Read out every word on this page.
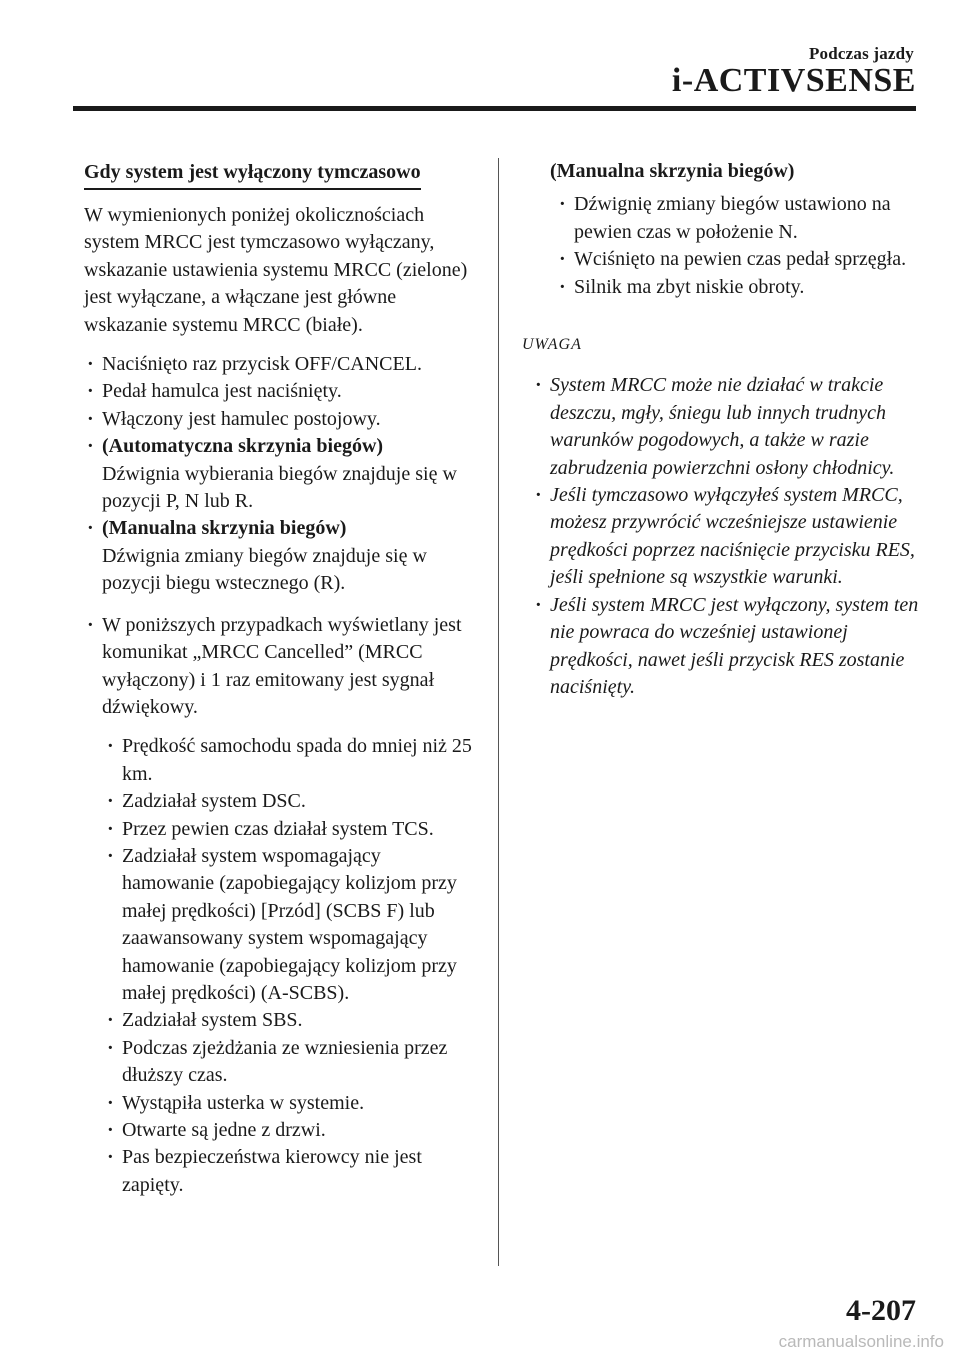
Podczas jazdy
i-ACTIVSENSE
Gdy system jest wyłączony tymczasowo

W wymienionych poniżej okolicznościach system MRCC jest tymczasowo wyłączany, wskazanie ustawienia systemu MRCC (zielone) jest wyłączane, a włączane jest główne wskazanie systemu MRCC (białe).

· Naciśnięto raz przycisk OFF/CANCEL.
· Pedał hamulca jest naciśnięty.
· Włączony jest hamulec postojowy.
· (Automatyczna skrzynia biegów)
Dźwignia wybierania biegów znajduje się w pozycji P, N lub R.
· (Manualna skrzynia biegów)
Dźwignia zmiany biegów znajduje się w pozycji biegu wstecznego (R).
· W poniższych przypadkach wyświetlany jest komunikat „MRCC Cancelled” (MRCC wyłączony) i 1 raz emitowany jest sygnał dźwiękowy.
· Prędkość samochodu spada do mniej niż 25 km.
· Zadziałał system DSC.
· Przez pewien czas działał system TCS.
· Zadziałał system wspomagający hamowanie (zapobiegający kolizjom przy małej prędkości) [Przód] (SCBS F) lub zaawansowany system wspomagający hamowanie (zapobiegający kolizjom przy małej prędkości) (A-SCBS).
· Zadziałał system SBS.
· Podczas zjeżdżania ze wzniesienia przez dłuższy czas.
· Wystąpiła usterka w systemie.
· Otwarte są jedne z drzwi.
· Pas bezpieczeństwa kierowcy nie jest zapięty.
(Manualna skrzynia biegów)
· Dźwignię zmiany biegów ustawiono na pewien czas w położenie N.
· Wciśnięto na pewien czas pedał sprzęgła.
· Silnik ma zbyt niskie obroty.
UWAGA
· System MRCC może nie działać w trakcie deszczu, mgły, śniegu lub innych trudnych warunków pogodowych, a także w razie zabrudzenia powierzchni osłony chłodnicy.
· Jeśli tymczasowo wyłączyłeś system MRCC, możesz przywrócić wcześniejsze ustawienie prędkości poprzez naciśnięcie przycisku RES, jeśli spełnione są wszystkie warunki.
· Jeśli system MRCC jest wyłączony, system ten nie powraca do wcześniej ustawionej prędkości, nawet jeśli przycisk RES zostanie naciśnięty.
4-207
carmanualsonline.info
